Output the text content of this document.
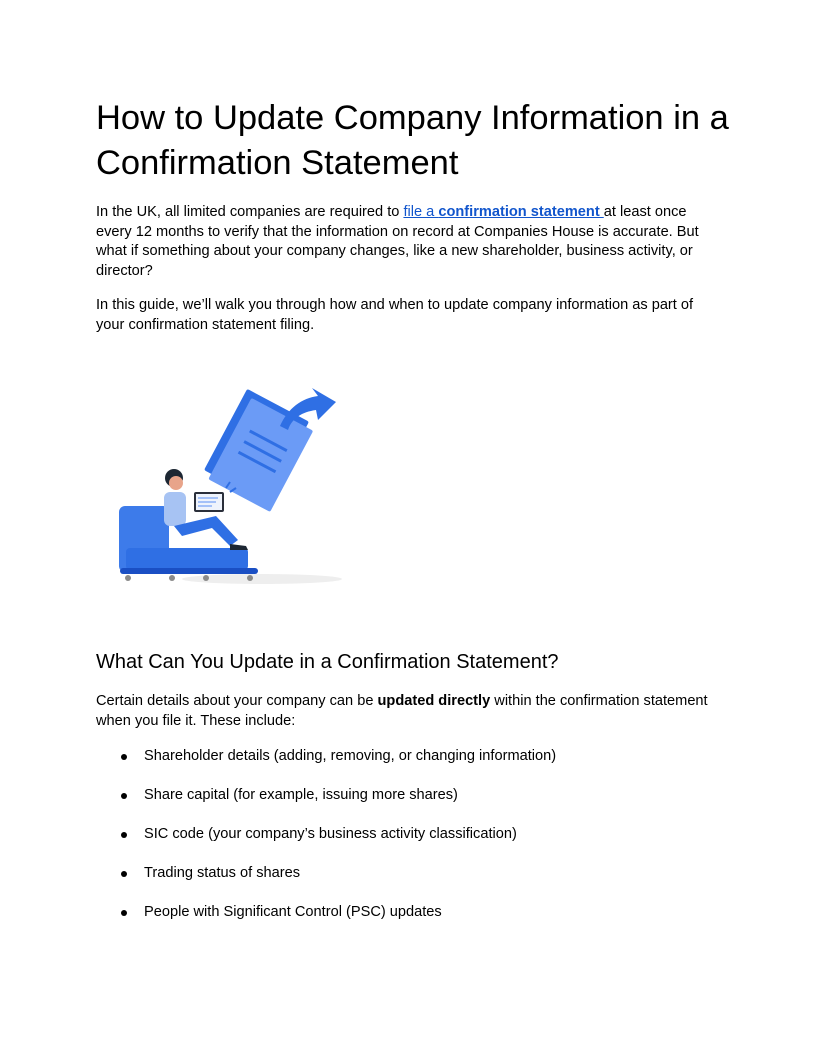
How to Update Company Information in a Confirmation Statement

In the UK, all limited companies are required to file a confirmation statement at least once every 12 months to verify that the information on record at Companies House is accurate. But what if something about your company changes, like a new shareholder, business activity, or director?

In this guide, we’ll walk you through how and when to update company information as part of your confirmation statement filing.

What Can You Update in a Confirmation Statement?

Certain details about your company can be updated directly within the confirmation statement when you file it. These include:

Shareholder details (adding, removing, or changing information)
Share capital (for example, issuing more shares)
SIC code (your company’s business activity classification)
Trading status of shares
People with Significant Control (PSC) updates
